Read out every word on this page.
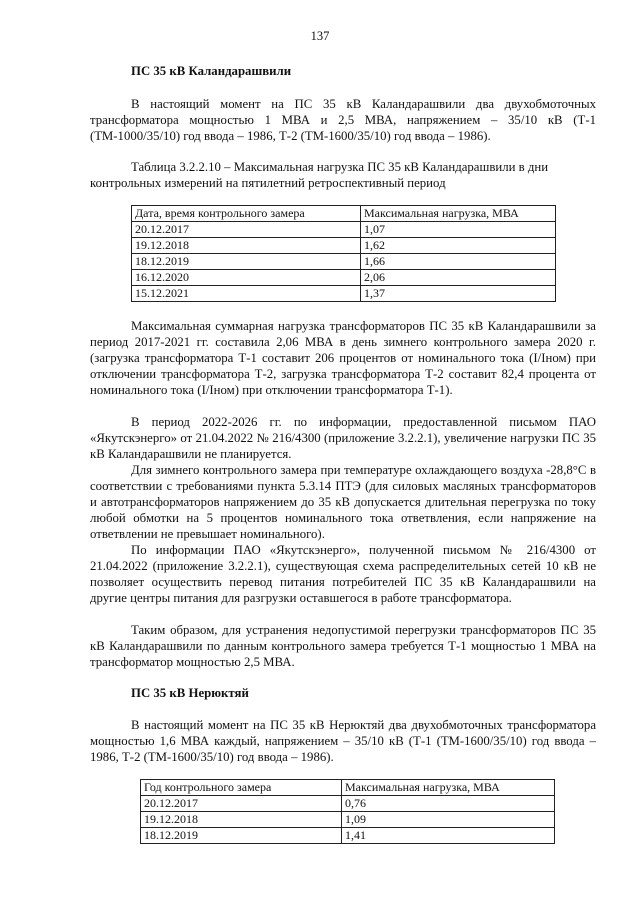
137
ПС 35 кВ Каландарашвили

В настоящий момент на ПС 35 кВ Каландарашвили два двухобмоточных трансформатора мощностью 1 МВА и 2,5 МВА, напряжением – 35/10 кВ (Т-1 (ТМ-1000/35/10) год ввода – 1986, Т-2 (ТМ-1600/35/10) год ввода – 1986).

Таблица 3.2.2.10 – Максимальная нагрузка ПС 35 кВ Каландарашвили в дни контрольных измерений на пятилетний ретроспективный период

Дата, время контрольного замера	Максимальная нагрузка, МВА
20.12.2017	1,07
19.12.2018	1,62
18.12.2019	1,66
16.12.2020	2,06
15.12.2021	1,37

Максимальная суммарная нагрузка трансформаторов ПС 35 кВ Каландарашвили за период 2017-2021 гг. составила 2,06 МВА в день зимнего контрольного замера 2020 г. (загрузка трансформатора Т-1 составит 206 процентов от номинального тока (I/Iном) при отключении трансформатора Т-2, загрузка трансформатора Т-2 составит 82,4 процента от номинального тока (I/Iном) при отключении трансформатора Т-1).

В период 2022-2026 гг. по информации, предоставленной письмом ПАО «Якутскэнерго» от 21.04.2022 № 216/4300 (приложение 3.2.2.1), увеличение нагрузки ПС 35 кВ Каландарашвили не планируется.

Для зимнего контрольного замера при температуре охлаждающего воздуха -28,8°С в соответствии с требованиями пункта 5.3.14 ПТЭ (для силовых масляных трансформаторов и автотрансформаторов напряжением до 35 кВ допускается длительная перегрузка по току любой обмотки на 5 процентов номинального тока ответвления, если напряжение на ответвлении не превышает номинального).

По информации ПАО «Якутскэнерго», полученной письмом № 216/4300 от 21.04.2022 (приложение 3.2.2.1), существующая схема распределительных сетей 10 кВ не позволяет осуществить перевод питания потребителей ПС 35 кВ Каландарашвили на другие центры питания для разгрузки оставшегося в работе трансформатора.

Таким образом, для устранения недопустимой перегрузки трансформаторов ПС 35 кВ Каландарашвили по данным контрольного замера требуется Т-1 мощностью 1 МВА на трансформатор мощностью 2,5 МВА.

ПС 35 кВ Нерюктяй

В настоящий момент на ПС 35 кВ Нерюктяй два двухобмоточных трансформатора мощностью 1,6 МВА каждый, напряжением – 35/10 кВ (Т-1 (ТМ-1600/35/10) год ввода – 1986, Т-2 (ТМ-1600/35/10) год ввода – 1986).

Год контрольного замера	Максимальная нагрузка, МВА
20.12.2017	0,76
19.12.2018	1,09
18.12.2019	1,41
